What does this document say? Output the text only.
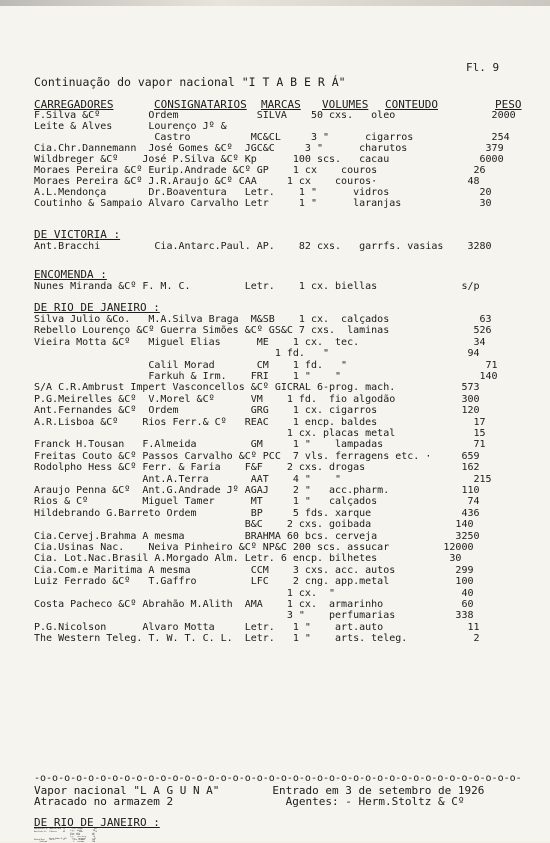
Fl. 9
Continuação do vapor nacional "I T A B E R Á"
CARREGADORES	CONSIGNATARIOS MARCAS VOLUMES CONTEUDO	PESO
DE VICTORIA :
ENCOMENDA :
DE RIO DE JANEIRO :
-o-o-o-o-o-o-o-o-o-o-o-o-o-o-o-o-o-o-o-o-o-o-o-o-o-o-o-o-o-o-o-o-o-o-o-o-o-o-o-o-
Vapor nacional "L A G U N A"        Entrado em 3 de setembro de 1926
Atracado no armazem 2                 Agentes: - Herm.Stoltz & Cº
DE RIO DE JANEIRO :
F.Silva &Cº        Ordem             SILVA    50 cxs.   oleo                2000
Leite & Alves      Lourenço Jº &
Castro          MC&CL     3 "      cigarros             254
Cia.Chr.Dannemann  José Gomes &Cº  JGC&C     3 "      charutos             379
Wildbreger &Cº    José P.Silva &Cº Kp      100 scs.   cacau               6000
Moraes Pereira &Cº Eurip.Andrade &Cº GP    1 cx    couros                26
Moraes Pereira &Cº J.R.Araujo &Cº CAA     1 cx    couros·               48
A.L.Mendonça       Dr.Boaventura   Letr.    1 "      vidros               20
Coutinho & Sampaio Alvaro Carvalho Letr     1 "      laranjas             30
Ant.Bracchi         Cia.Antarc.Paul. AP.    82 cxs.   garrfs. vasias    3280
Nunes Miranda &Cº F. M. C.         Letr.    1 cx. biellas              s/p
Silva Julio &Co.   M.A.Silva Braga  M&SB    1 cx.  calçados               63
Rebello Lourenço &Cº Guerra Simões &Cº GS&C 7 cxs.  laminas              526
Vieira Motta &Cº   Miguel Elias      ME    1 cx.  tec.                   34
1 fd.   "                       94
Calil Morad       CM    1 fd.   "                       71
Farkuh & Irm.    FRI    1 "    "                       140
S/A C.R.Ambrust Impert Vasconcellos &Cº GICRAL 6-prog. mach.           573
P.G.Meirelles &Cº  V.Morel &Cº      VM    1 fd.  fio algodão           300
Ant.Fernandes &Cº  Ordem            GRG    1 cx. cigarros              120
A.R.Lisboa &Cº    Rios Ferr.& Cº   REAC    1 encp. baldes                17
1 cx. placas metal             15
Franck H.Tousan   F.Almeida         GM     1 "    lampadas               71
Freitas Couto &Cº Passos Carvalho &Cº PCC  7 vls. ferragens etc. ·     659
Rodolpho Hess &Cº Ferr. & Faria    F&F    2 cxs. drogas                162
Ant.A.Terra       AAT    4 "    "                      215
Araujo Penna &Cº  Ant.G.Andrade Jº AGAJ    2 "   acc.pharm.            110
Rios & Cº         Miguel Tamer      MT     1 "   calçados               74
Hildebrando G.Barreto Ordem         BP     5 fds. xarque               436
B&C    2 cxs. goibada              140
Cia.Cervej.Brahma A mesma          BRAHMA 60 bcs. cerveja             3250
Cia.Usinas Nac.    Neiva Pinheiro &Cº NP&C 200 scs. assucar         12000
Cia. Lot.Nac.Brasil A.Morgado Alm. Letr. 6 encp. bilhetes            30
Cia.Com.e Maritima A mesma          CCM    3 cxs. acc. autos          299
Luiz Ferrado &Cº   T.Gaffro         LFC    2 cng. app.metal           100
1 cx.  "                     40
Costa Pacheco &Cº Abrahão M.Alith  AMA    1 cx.  armarinho             60
3 "    perfumarias          338
P.G.Nicolson      Alvaro Motta     Letr.   1 "    art.auto              11
The Western Teleg. T. W. T. C. L.  Letr.   1 "    arts. teleg.           2
Rodolpho Hess &Cº Lamartine Rosa   LR        9 cxs. drogas              695
1 cx.   vidros             128
Herm.Stoltz &Cº   J.Moreira        HM         1 "     mach.              14
1 bca. colla               60
4 bcs. tinta              300
1 cx.    arts.ferrg.        63
Guerra Simões &Cº GSC      1 cx.   maçanetas          32
Richard Meyer     Lion &Cº         GL         3 arm. caçambas        3343
(Continua)                               5    estrados         2194
